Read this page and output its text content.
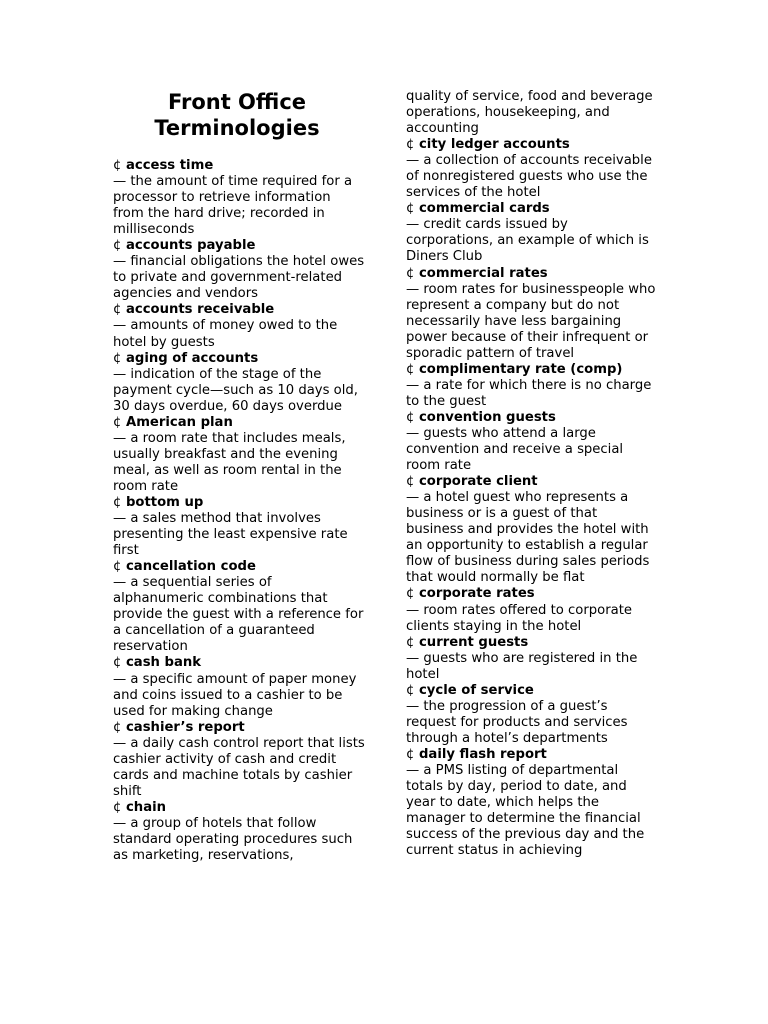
Front Office
Terminologies
¢ access time
— the amount of time required for a processor to retrieve information from the hard drive; recorded in milliseconds
¢ accounts payable
— financial obligations the hotel owes to private and government-related agencies and vendors
¢ accounts receivable
— amounts of money owed to the hotel by guests
¢ aging of accounts
— indication of the stage of the payment cycle—such as 10 days old, 30 days overdue, 60 days overdue
¢ American plan
— a room rate that includes meals, usually breakfast and the evening meal, as well as room rental in the room rate
¢ bottom up
— a sales method that involves presenting the least expensive rate first
¢ cancellation code
— a sequential series of alphanumeric combinations that provide the guest with a reference for a cancellation of a guaranteed reservation
¢ cash bank
— a specific amount of paper money and coins issued to a cashier to be used for making change
¢ cashier’s report
— a daily cash control report that lists cashier activity of cash and credit cards and machine totals by cashier shift
¢ chain
— a group of hotels that follow standard operating procedures such as marketing, reservations,
quality of service, food and beverage operations, housekeeping, and accounting
¢ city ledger accounts
— a collection of accounts receivable of nonregistered guests who use the services of the hotel
¢ commercial cards
— credit cards issued by corporations, an example of which is Diners Club
¢ commercial rates
— room rates for businesspeople who represent a company but do not necessarily have less bargaining power because of their infrequent or sporadic pattern of travel
¢ complimentary rate (comp)
— a rate for which there is no charge to the guest
¢ convention guests
— guests who attend a large convention and receive a special room rate
¢ corporate client
— a hotel guest who represents a business or is a guest of that business and provides the hotel with an opportunity to establish a regular flow of business during sales periods that would normally be flat
¢ corporate rates
— room rates offered to corporate clients staying in the hotel
¢ current guests
— guests who are registered in the hotel
¢ cycle of service
— the progression of a guest’s request for products and services through a hotel’s departments
¢ daily flash report
— a PMS listing of departmental totals by day, period to date, and year to date, which helps the manager to determine the financial success of the previous day and the current status in achieving
